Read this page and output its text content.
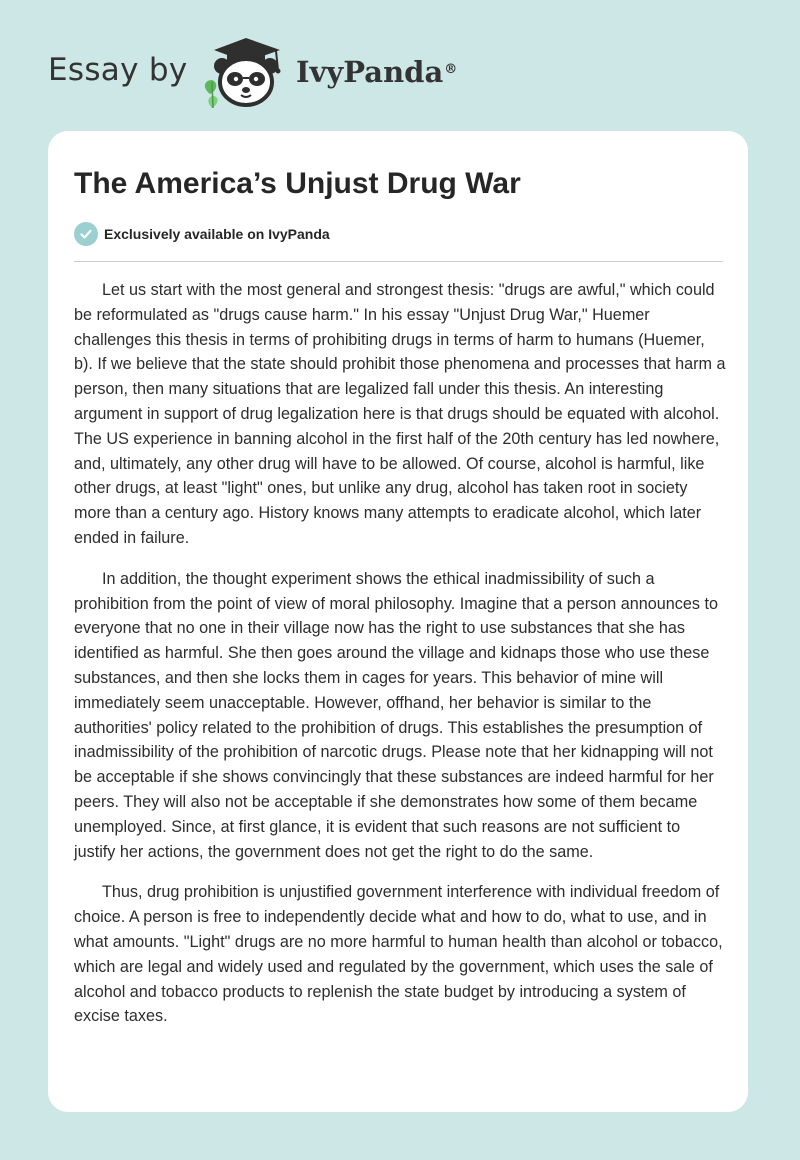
Essay by	IvyPanda®
The America’s Unjust Drug War
Exclusively available on IvyPanda

Let us start with the most general and strongest thesis: "drugs are awful," which could be reformulated as "drugs cause harm." In his essay "Unjust Drug War," Huemer challenges this thesis in terms of prohibiting drugs in terms of harm to humans (Huemer, b). If we believe that the state should prohibit those phenomena and processes that harm a person, then many situations that are legalized fall under this thesis. An interesting argument in support of drug legalization here is that drugs should be equated with alcohol. The US experience in banning alcohol in the first half of the 20th century has led nowhere, and, ultimately, any other drug will have to be allowed. Of course, alcohol is harmful, like other drugs, at least "light" ones, but unlike any drug, alcohol has taken root in society more than a century ago. History knows many attempts to eradicate alcohol, which later ended in failure.

In addition, the thought experiment shows the ethical inadmissibility of such a prohibition from the point of view of moral philosophy. Imagine that a person announces to everyone that no one in their village now has the right to use substances that she has identified as harmful. She then goes around the village and kidnaps those who use these substances, and then she locks them in cages for years. This behavior of mine will immediately seem unacceptable. However, offhand, her behavior is similar to the authorities' policy related to the prohibition of drugs. This establishes the presumption of inadmissibility of the prohibition of narcotic drugs. Please note that her kidnapping will not be acceptable if she shows convincingly that these substances are indeed harmful for her peers. They will also not be acceptable if she demonstrates how some of them became unemployed. Since, at first glance, it is evident that such reasons are not sufficient to justify her actions, the government does not get the right to do the same.

Thus, drug prohibition is unjustified government interference with individual freedom of choice. A person is free to independently decide what and how to do, what to use, and in what amounts. "Light" drugs are no more harmful to human health than alcohol or tobacco, which are legal and widely used and regulated by the government, which uses the sale of alcohol and tobacco products to replenish the state budget by introducing a system of excise taxes.
